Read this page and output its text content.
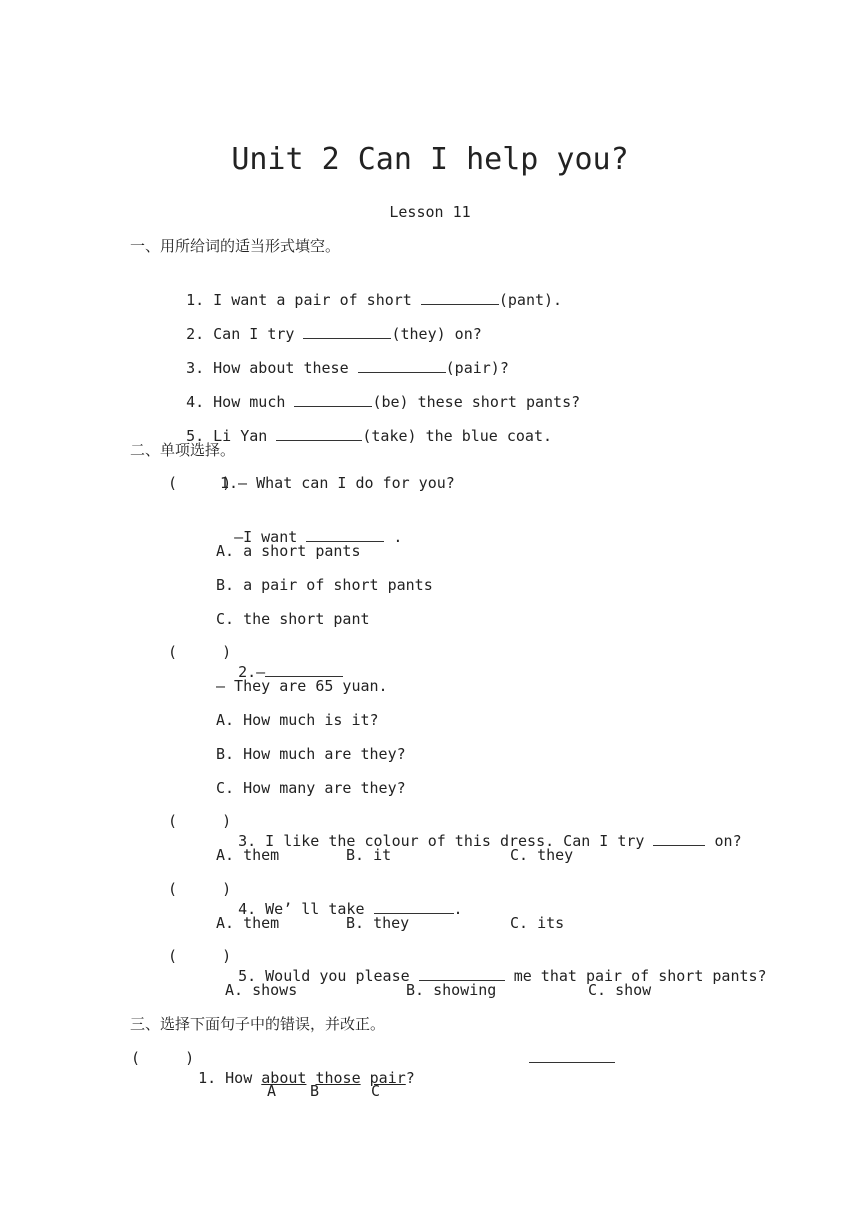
Unit 2 Can I help you?
Lesson 11
一、用所给词的适当形式填空。

1. I want a pair of short	(pant).

2. Can I try	(they) on?

3. How about these	(pair)?

4. How much	(be) these short pants?

5. Li Yan	(take) the blue coat.

二、单项选择。
(     )
1.— What can I do for you?

—I want	.

A. a short pants
B. a pair of short pants
C. the short pant
(     )

2.—

— They are 65 yuan.
A. How much is it?
B. How much are they?
C. How many are they?
(     )

3. I like the colour of this dress. Can I try	on?

A. them	B. it	C. they
(     )

4. We’ ll take	.

A. them	B. they	C. its
(     )

5. Would you please	me that pair of short pants?

A. shows	B. showing	C. show
三、选择下面句子中的错误，并改正。
(     )

1. How about those pair?

A B	C
